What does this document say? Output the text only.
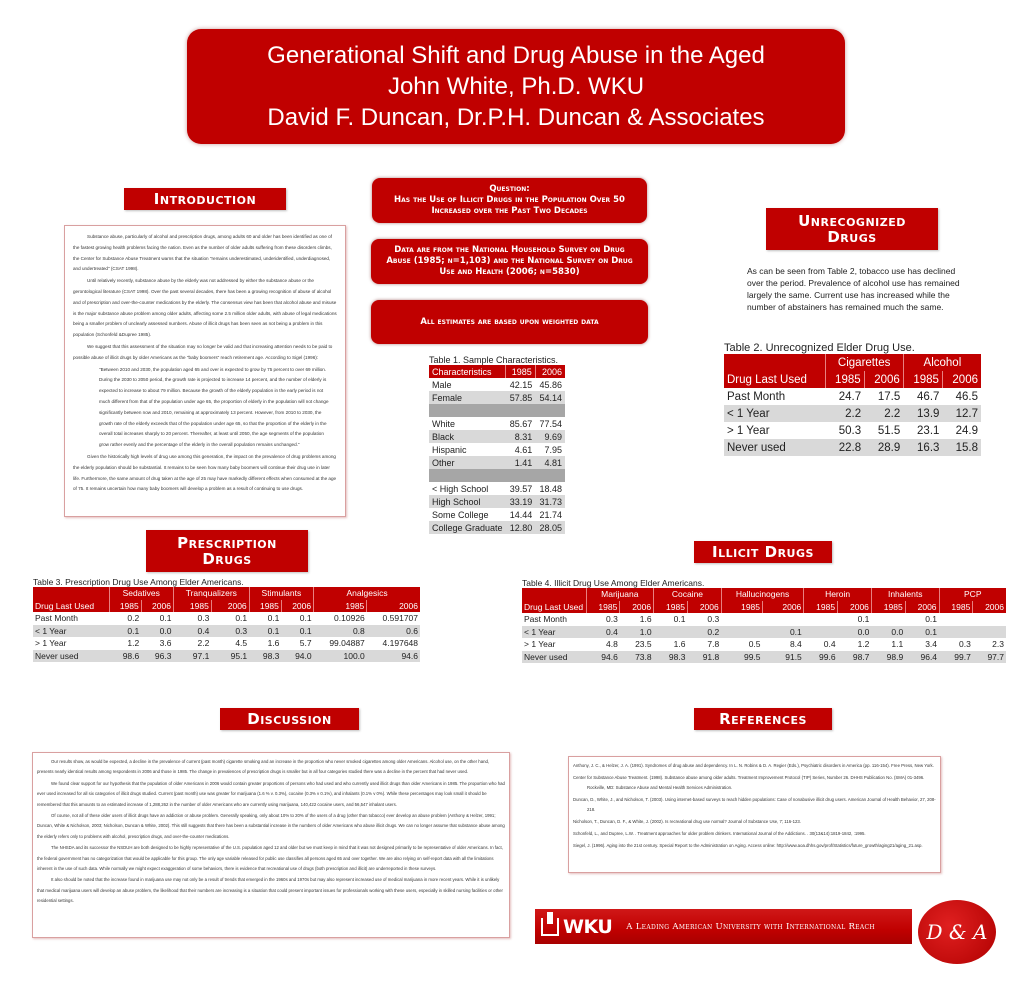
Generational Shift and Drug Abuse in the Aged
John White, Ph.D. WKU
David F. Duncan, Dr.P.H. Duncan & Associates
Introduction

Substance abuse, particularly of alcohol and prescription drugs, among adults 60 and older has been identified as one of the fastest growing health problems facing the nation. Even as the number of older adults suffering from these disorders climbs, the Center for Substance Abuse Treatment warns that the situation "remains underestimated, underidentified, underdiagnosed, and undertreated" (CSAT 1998).

Until relatively recently, substance abuse by the elderly was not addressed by either the substance abuse or the gerontological literature (CSAT 1998). Over the past several decades, there has been a growing recognition of abuse of alcohol and of prescription and over-the-counter medications by the elderly. The consensus view has been that alcohol abuse and misuse is the major substance abuse problem among older adults, affecting some 2.5 million older adults, with abuse of legal medications being a smaller problem of unclearly assessed numbers. Abuse of illicit drugs has been seen as not being a problem in this population (Schonfeld &Dupree 1985).

We suggest that this assessment of the situation may no longer be valid and that increasing attention needs to be paid to possible abuse of illicit drugs by older Americans as the "baby boomers" reach retirement age. According to Sigel (1996):

"Between 2010 and 2030, the population aged 65 and over is expected to grow by 75 percent to over 69 million. During the 2030 to 2050 period, the growth rate is projected to increase 14 percent, and the number of elderly is expected to increase to about 79 million. Because the growth of the elderly population in the early period is not much different from that of the population under age 65, the proportion of elderly in the population will not change significantly between now and 2010, remaining at approximately 13 percent. However, from 2010 to 2030, the growth rate of the elderly exceeds that of the population under age 65, so that the proportion of the elderly in the overall total increases sharply to 20 percent. Thereafter, at least until 2050, the age segments of the population grow rather evenly and the percentage of the elderly in the overall population remains unchanged."

Given the historically high levels of drug use among this generation, the impact on the prevalence of drug problems among the elderly population should be substantial. It remains to be seen how many baby boomers will continue their drug use in later life. Furthermore, the same amount of drug taken at the age of 25 may have markedly different effects when consumed at the age of 75. It remains uncertain how many baby boomers will develop a problem as a result of continuing to use drugs.

Question:
Has the Use of Illicit Drugs in the Population Over 50
Increased over the Past Two Decades
Data are from the National Household Survey on Drug
Abuse (1985; n=1,103) and the National Survey on Drug
Use and Health (2006; n=5830)
All estimates are based upon weighted data
Table 1. Sample Characteristics.
Characteristics	1985	2006
Male	42.15	45.86
Female	57.85	54.14

White	85.67	77.54
Black	8.31	9.69
Hispanic	4.61	7.95
Other	1.41	4.81

< High School	39.57	18.48
High School	33.19	31.73
Some College	14.44	21.74
College Graduate	12.80	28.05
Unrecognized
Drugs
As can be seen from Table 2, tobacco use has declined over the period. Prevalence of alcohol use has remained largely the same. Current use has increased while the number of abstainers has remained much the same.
Table 2. Unrecognized Elder Drug Use.
	Cigarettes		Alcohol	
Drug Last Used	1985	2006	1985	2006
Past Month	24.7	17.5	46.7	46.5
< 1 Year	2.2	2.2	13.9	12.7
> 1 Year	50.3	51.5	23.1	24.9
Never used	22.8	28.9	16.3	15.8
Prescription
Drugs
Table 3. Prescription Drug Use Among Elder Americans.
	Sedatives		Tranqualizers		Stimulants		Analgesics	
Drug Last Used	1985	2006	1985	2006	1985	2006	1985	2006
Past Month	0.2	0.1	0.3	0.1	0.1	0.1	0.10926	0.591707
< 1 Year	0.1	0.0	0.4	0.3	0.1	0.1	0.8	0.6
> 1 Year	1.2	3.6	2.2	4.5	1.6	5.7	99.04887	4.197648
Never used	98.6	96.3	97.1	95.1	98.3	94.0	100.0	94.6
Illicit Drugs
Table 4. Illicit Drug Use Among Elder Americans.
	Marijuana		Cocaine		Hallucinogens		Heroin		Inhalents		PCP	
Drug Last Used	1985	2006	1985	2006	1985	2006	1985	2006	1985	2006	1985	2006
Past Month	0.3	1.6	0.1	0.3				0.1		0.1		
< 1 Year	0.4	1.0		0.2		0.1		0.0	0.0	0.1		
> 1 Year	4.8	23.5	1.6	7.8	0.5	8.4	0.4	1.2	1.1	3.4	0.3	2.3
Never used	94.6	73.8	98.3	91.8	99.5	91.5	99.6	98.7	98.9	96.4	99.7	97.7
Discussion

Our results show, as would be expected, a decline in the prevalence of current (past month) cigarette smoking and an increase in the proportion who never smoked cigarettes among older Americans. Alcohol use, on the other hand, presents nearly identical results among respondents in 2006 and those in 1985. The change in prevalences of prescription drugs is smaller but in all four categories studied there was a decline in the percent that had never used.

We found clear support for our hypothesis that the population of older Americans in 2006 would contain greater proportions of persons who had used and who currently used illicit drugs than older Americans in 1985. The proportion who had ever used increased for all six categories of illicit drugs studied. Current (past month) use was greater for marijuana (1.6 % v. 0.3%), cocaine (0.3% v 0.1%), and inhalants (0.1% v 0%). While these percentages may look small it should be remembered that this amounts to an estimated increase of 1,288,262 in the number of older Americans who are currently using marijuana, 140,422 cocaine users, and 56,547 inhalant users.

Of course, not all of these older users of illicit drugs have an addiction or abuse problem. Generally speaking, only about 10% to 20% of the users of a drug (other than tobacco) ever develop an abuse problem (Anthony & Helzer, 1991; Duncan, White & Nicholson, 2003; Nicholson, Duncan & White, 2002). This still suggests that there has been a substantial increase in the numbers of older Americans who abuse illicit drugs. We can no longer assume that substance abuse among the elderly refers only to problems with alcohol, prescription drugs, and over-the-counter medications.

The NHSDA and its successor the NSDUH are both designed to be highly representative of the U.S. population aged 12 and older but we must keep in mind that it was not designed primarily to be representative of older Americans. In fact, the federal government has no categorization that would be applicable for this group. The only age variable released for public use classifies all persons aged 65 and over together. We are also relying on self-report data with all the limitations inherent in the use of such data. While normally we might expect exaggeration of some behaviors, there is evidence that recreational use of drugs (both prescription and illicit) are underreported in these surveys.

It also should be noted that the increase found in marijuana use may not only be a result of trends that emerged in the 1960s and 1970s but may also represent increased use of medical marijuana in more recent years. While it is unlikely that medical marijuana users will develop an abuse problem, the likelihood that their numbers are increasing is a situation that could present important issues for professionals working with these users, especially in skilled nursing facilities or other residential settings.

References

Anthony, J. C., & Helzer, J. A. (1991). Syndromes of drug abuse and dependency. In L. N. Robins & D. A. Regier (Eds.), Psychiatric disorders in America (pp. 116-154). Free Press, New York.

Center for Substance Abuse Treatment. (1998). Substance abuse among older adults. Treatment Improvement Protocol (TIP) Series, Number 26. DHHS Publication No. (SMA) 01-3496. Rockville, MD: Substance Abuse and Mental Health Services Administration.

Duncan, D., White, J., and Nicholson, T. (2003). Using internet-based surveys to reach hidden populations: Case of nonabusive illicit drug users. American Journal of Health Behavior, 27, 208-218.

Nicholson, T., Duncan, D. F., & White, J. (2002). Is recreational drug use normal? Journal of Substance Use, 7; 116-123.

Schonfeld, L., and Dupree, L.W. . Treatment approaches for older problem drinkers. International Journal of the Addictions. . 30(13&14):1819-1842, :1995.

Siegel, J. (1996). Aging into the 21st century. Special Report to the Administration on Aging. Access online: http://www.aoa.dhhs.gov/prof/Statistics/future_growth/aging21/aging_21.asp.

WKU A Leading American University with International Reach	D & A
